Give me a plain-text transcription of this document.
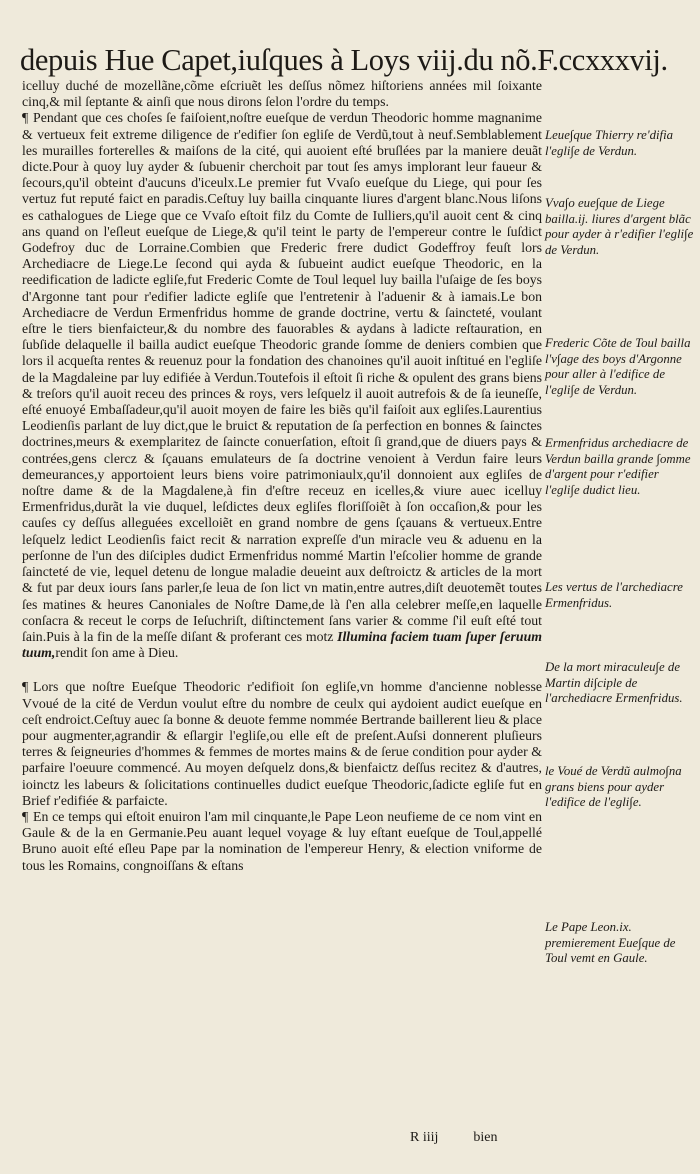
depuis Hue Capet,iuſques à Loys viij.du nõ.F.ccxxxvij.

icelluy duché de mozellãne,cõme eſcriuẽt les deſſus nõmez hiſtoriens années mil ſoixante cinq,& mil ſeptante & ainſi que nous dirons ſelon l'ordre du temps.

¶ Pendant que ces choſes ſe faiſoient,noſtre eueſque de verdun Theodoric homme magnanime & vertueux feit extreme diligence de r'edifier ſon egliſe de Verdũ,tout à neuf.Semblablement les murailles forterelles & maiſons de la cité, qui auoient eſté bruſlées par la maniere deuãt dicte.Pour à quoy luy ayder & ſubuenir cherchoit par tout ſes amys implorant leur faueur & ſecours,qu'il obteint d'aucuns d'iceulx.Le premier fut Vvaſo eueſque du Liege, qui pour ſes vertuz fut reputé faict en paradis.Ceſtuy luy bailla cinquante liures d'argent blanc.Nous liſons es cathalogues de Liege que ce Vvaſo eſtoit filz du Comte de Iulliers,qu'il auoit cent & cinq ans quand on l'eſleut eueſque de Liege,& qu'il teint le party de l'empereur contre le ſuſdict Godefroy duc de Lorraine.Combien que Frederic frere dudict Godeffroy feuſt lors Archediacre de Liege.Le ſecond qui ayda & ſubueint audict eueſque Theodoric, en la reedification de ladicte egliſe,fut Frederic Comte de Toul lequel luy bailla l'uſaige de ſes boys d'Argonne tant pour r'edifier ladicte egliſe que l'entretenir à l'aduenir & à iamais.Le bon Archediacre de Verdun Ermenfridus homme de grande doctrine, vertu & ſaincteté, voulant eſtre le tiers bienfaicteur,& du nombre des fauorables & aydans à ladicte reſtauration, en ſubſide delaquelle il bailla audict eueſque Theodoric grande ſomme de deniers combien que lors il acqueſta rentes & reuenuz pour la fondation des chanoines qu'il auoit inſtitué en l'egliſe de la Magdaleine par luy edifiée à Verdun.Toutefois il eſtoit ſi riche & opulent des grans biens & treſors qu'il auoit receu des princes & roys, vers leſquelz il auoit autrefois & de ſa ieuneſſe, eſté enuoyé Embaſſadeur,qu'il auoit moyen de faire les biẽs qu'il faiſoit aux egliſes.Laurentius Leodienſis parlant de luy dict,que le bruict & reputation de ſa perfection en bonnes & ſainctes doctrines,meurs & exemplaritez de ſaincte conuerſation, eſtoit ſi grand,que de diuers pays & contrées,gens clercz & ſçauans emulateurs de ſa doctrine venoient à Verdun faire leurs demeurances,y apportoient leurs biens voire patrimoniaulx,qu'il donnoient aux egliſes de noſtre dame & de la Magdalene,à fin d'eſtre receuz en icelles,& viure auec icelluy Ermenfridus,durãt la vie duquel, leſdictes deux egliſes floriſſoiẽt à ſon occaſion,& pour les cauſes cy deſſus alleguées excelloiẽt en grand nombre de gens ſçauans & vertueux.Entre leſquelz ledict Leodienſis faict recit & narration expreſſe d'un miracle veu & aduenu en la perſonne de l'un des diſciples dudict Ermenfridus nommé Martin l'eſcolier homme de grande ſaincteté de vie, lequel detenu de longue maladie deueint aux deſtroictz & articles de la mort & fut par deux iours ſans parler,ſe leua de ſon lict vn matin,entre autres,diſt deuotemẽt toutes ſes matines & heures Canoniales de Noſtre Dame,de là ſ'en alla celebrer meſſe,en laquelle conſacra & receut le corps de Ieſuchriſt, diſtinctement ſans varier & comme ſ'il euſt eſté tout ſain.Puis à la fin de la meſſe diſant & proferant ces motz Illumina faciem tuam ſuper ſeruum tuum,rendit ſon ame à Dieu.

¶ Lors que noſtre Eueſque Theodoric r'edifioit ſon egliſe,vn homme d'ancienne noblesse Vvoué de la cité de Verdun voulut eſtre du nombre de ceulx qui aydoient audict eueſque en ceſt endroict.Ceſtuy auec ſa bonne & deuote femme nommée Bertrande baillerent lieu & place pour augmenter,agrandir & eſlargir l'egliſe,ou elle eſt de preſent.Auſsi donnerent pluſieurs terres & ſeigneuries d'hommes & femmes de mortes mains & de ſerue condition pour ayder & parfaire l'oeuure commencé. Au moyen deſquelz dons,& bienfaictz deſſus recitez & d'autres, ioinctz les labeurs & ſolicitations continuelles dudict eueſque Theodoric,ſadicte egliſe fut en Brief r'edifiée & parfaicte.

¶ En ce temps qui eſtoit enuiron l'am mil cinquante,le Pape Leon neufieme de ce nom vint en Gaule & de la en Germanie.Peu auant lequel voyage & luy eſtant eueſque de Toul,appellé Bruno auoit eſté eſleu Pape par la nomination de l'empereur Henry, & election vniforme de tous les Romains, congnoiſſans & eſtans

Leue∫que Thierry re'difia l'egli∫e de Verdun.
Vva∫o eue∫que de Liege bailla.ij. liures d'argent blãc pour ayder à r'edifier l'egli∫e de Verdun.
Frederic Cõte de Toul bailla l'v∫age des boys d'Argonne pour aller à l'edifice de l'egli∫e de Verdun.
Ermenfridus archediacre de Verdun bailla grande ∫omme d'argent pour r'edifier l'egli∫e dudict lieu.
Les vertus de l'archediacre Ermenfridus.
De la mort miraculeu∫e de Martin di∫ciple de l'archediacre Ermenfridus.
le Voué de Verdũ aulmo∫na grans biens pour ayder l'edifice de l'egli∫e.
Le Pape Leon.ix. premierement Eue∫que de Toul vemt en Gaule.
R iiij	bien
